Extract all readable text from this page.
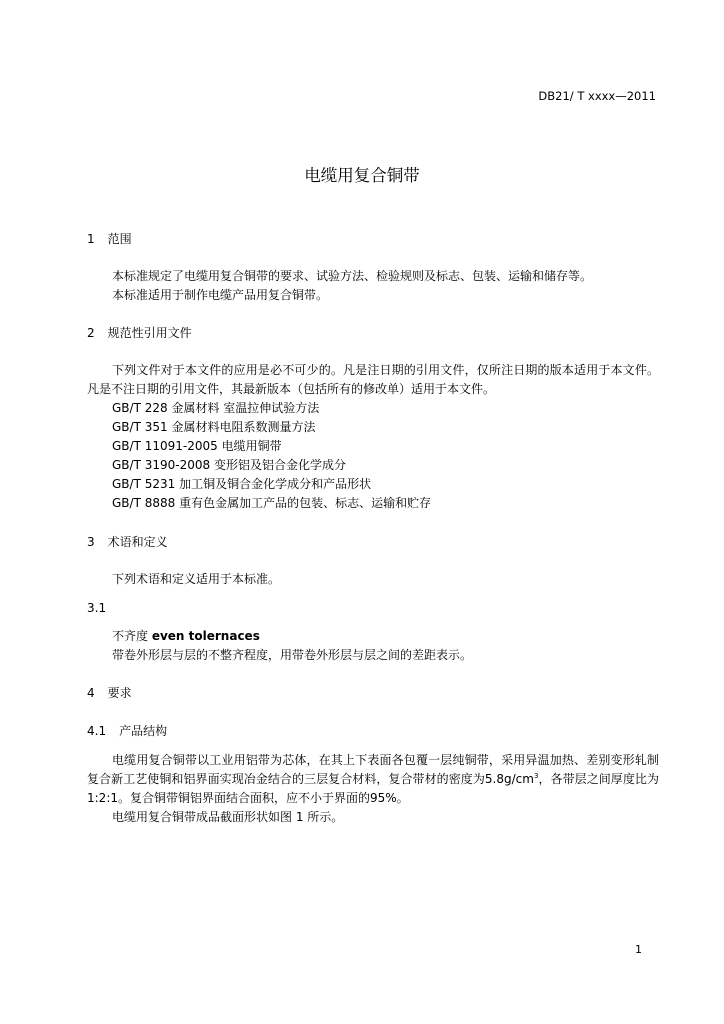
DB21/ T xxxx—2011
电缆用复合铜带
1 范围
本标准规定了电缆用复合铜带的要求、试验方法、检验规则及标志、包装、运输和储存等。
本标准适用于制作电缆产品用复合铜带。
2 规范性引用文件
下列文件对于本文件的应用是必不可少的。凡是注日期的引用文件，仅所注日期的版本适用于本文件。凡是不注日期的引用文件，其最新版本（包括所有的修改单）适用于本文件。
GB/T 228 金属材料 室温拉伸试验方法
GB/T 351 金属材料电阻系数测量方法
GB/T 11091-2005 电缆用铜带
GB/T 3190-2008 变形铝及铝合金化学成分
GB/T 5231 加工铜及铜合金化学成分和产品形状
GB/T 8888 重有色金属加工产品的包装、标志、运输和贮存
3 术语和定义
下列术语和定义适用于本标准。
3.1
不齐度 even tolernaces
带卷外形层与层的不整齐程度，用带卷外形层与层之间的差距表示。
4 要求
4.1 产品结构
电缆用复合铜带以工业用铝带为芯体，在其上下表面各包覆一层纯铜带，采用异温加热、差别变形轧制复合新工艺使铜和铝界面实现冶金结合的三层复合材料，复合带材的密度为$5.8g/cm^3$，各带层之间厚度比为1:2:1。复合铜带铜铝界面结合面积，应不小于界面的95%。
电缆用复合铜带成品截面形状如图 1 所示。
1
